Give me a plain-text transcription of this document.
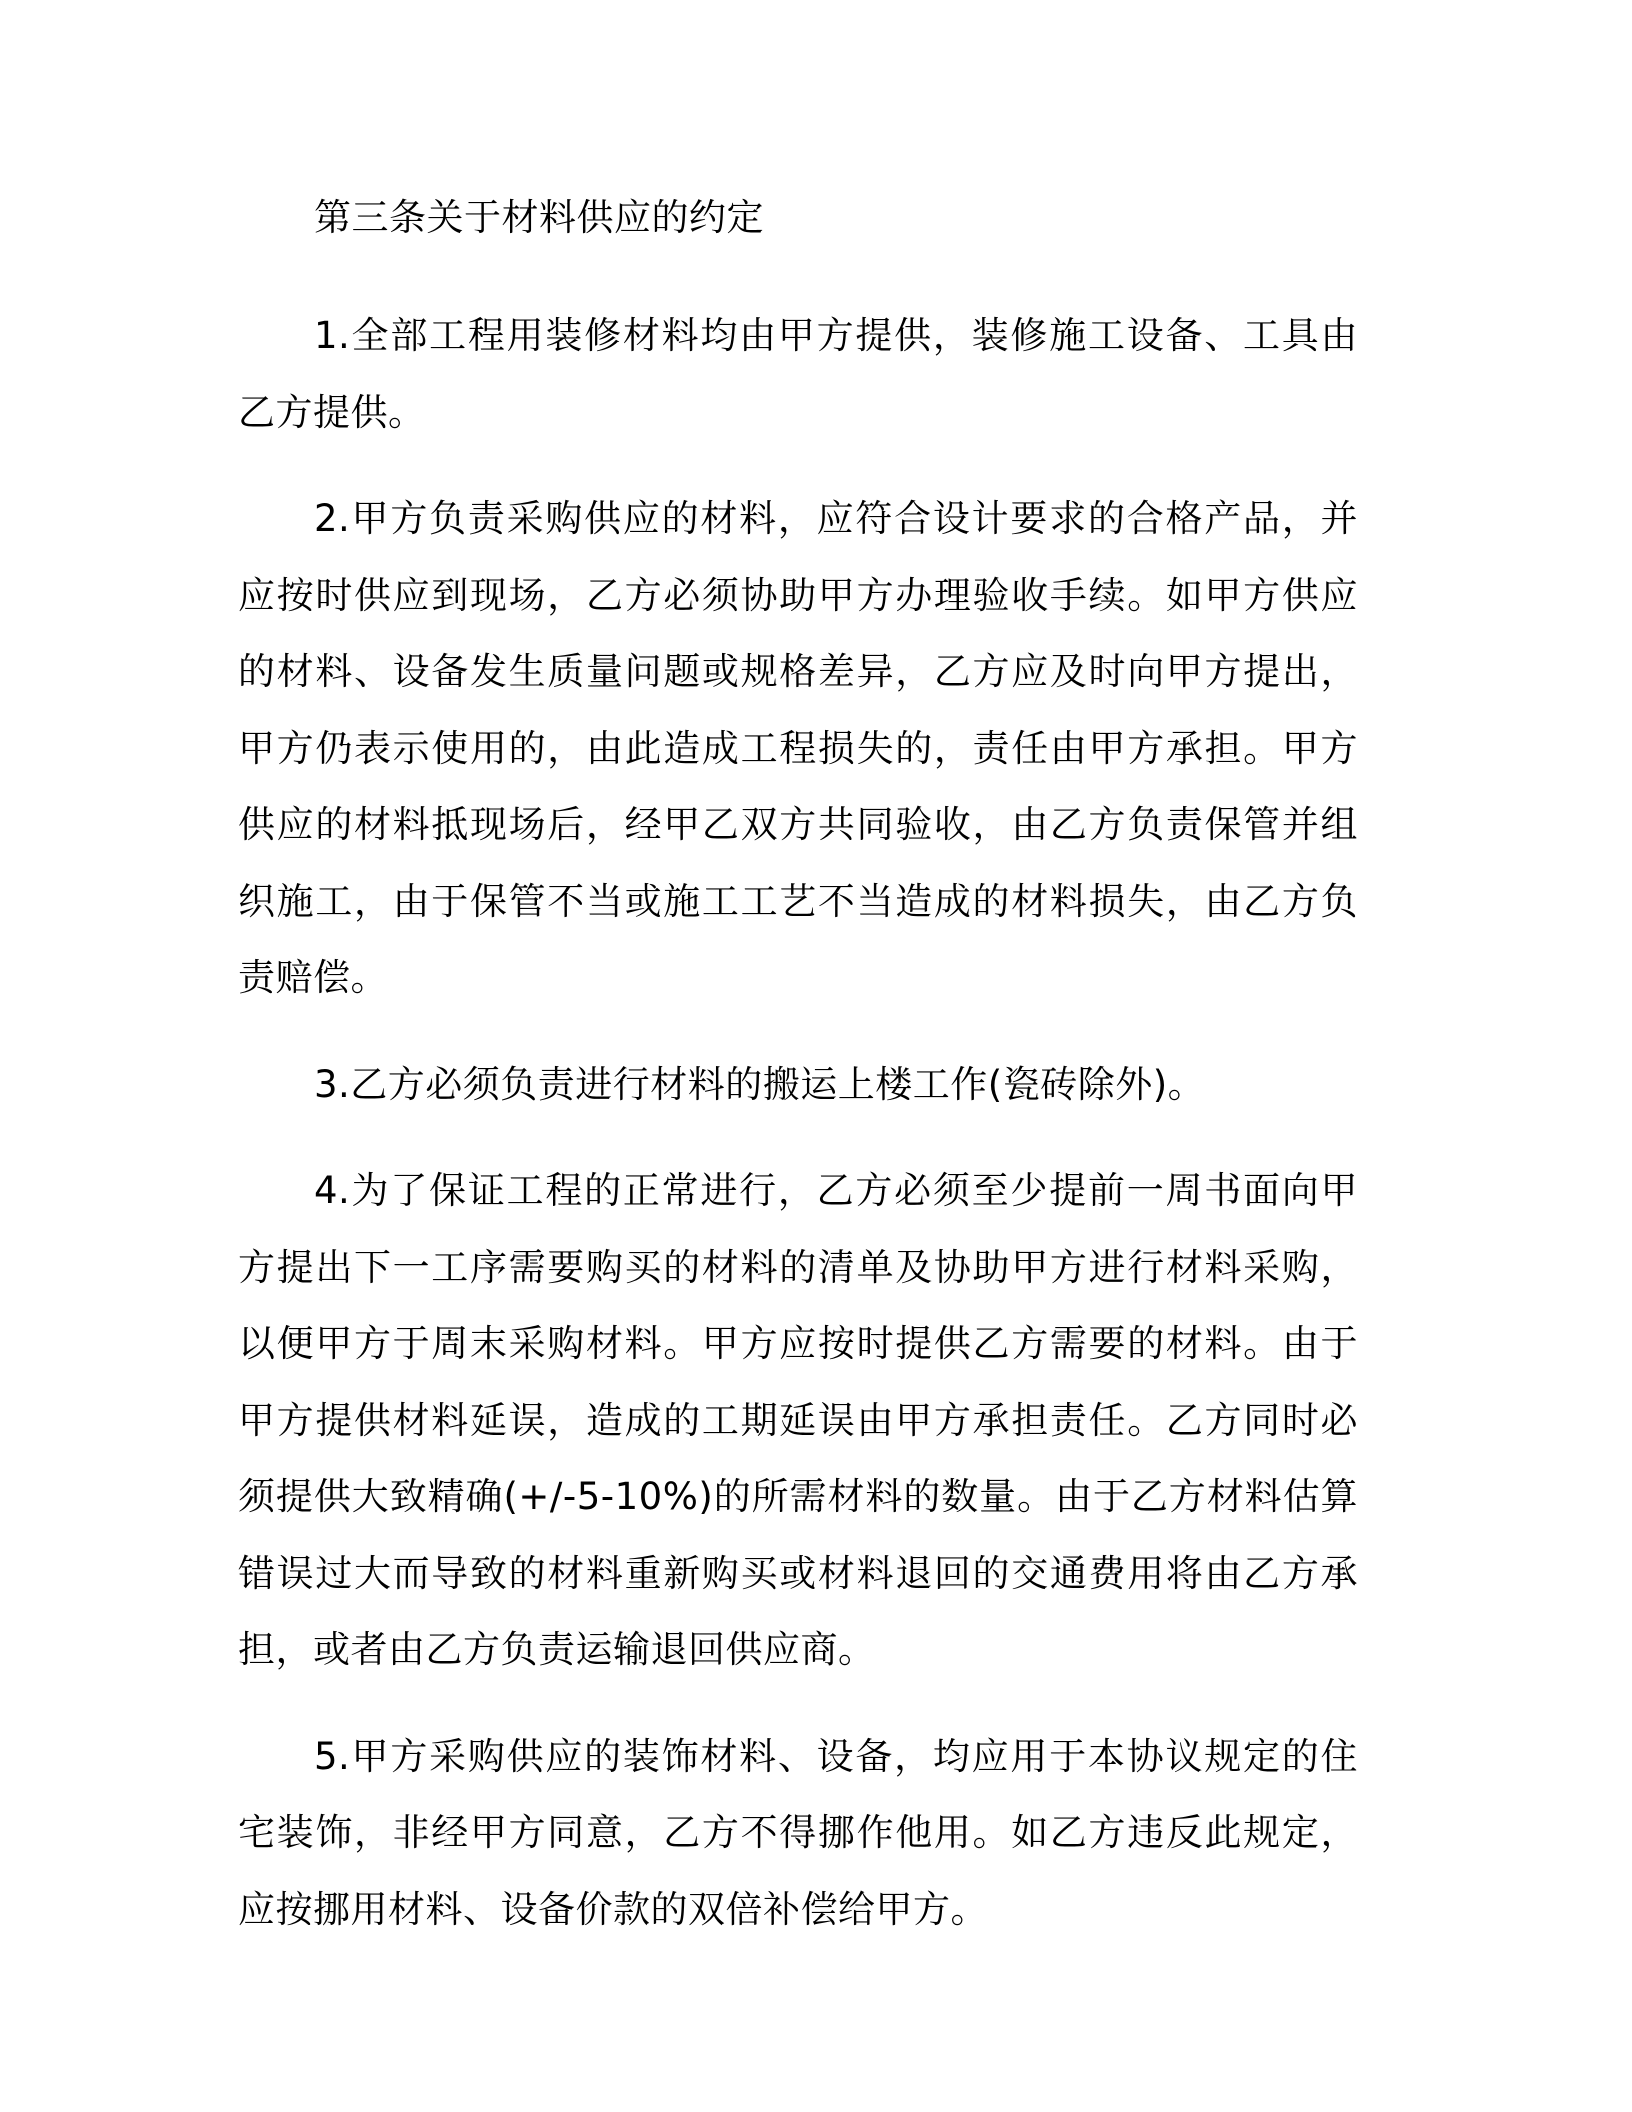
第三条关于材料供应的约定

1.全部工程用装修材料均由甲方提供，装修施工设备、工具由乙方提供。

2.甲方负责采购供应的材料，应符合设计要求的合格产品，并应按时供应到现场，乙方必须协助甲方办理验收手续。如甲方供应的材料、设备发生质量问题或规格差异，乙方应及时向甲方提出，甲方仍表示使用的，由此造成工程损失的，责任由甲方承担。甲方供应的材料抵现场后，经甲乙双方共同验收，由乙方负责保管并组织施工，由于保管不当或施工工艺不当造成的材料损失，由乙方负责赔偿。

3.乙方必须负责进行材料的搬运上楼工作(瓷砖除外)。

4.为了保证工程的正常进行，乙方必须至少提前一周书面向甲方提出下一工序需要购买的材料的清单及协助甲方进行材料采购，以便甲方于周末采购材料。甲方应按时提供乙方需要的材料。由于甲方提供材料延误，造成的工期延误由甲方承担责任。乙方同时必须提供大致精确(+/-5-10%)的所需材料的数量。由于乙方材料估算错误过大而导致的材料重新购买或材料退回的交通费用将由乙方承担，或者由乙方负责运输退回供应商。

5.甲方采购供应的装饰材料、设备，均应用于本协议规定的住宅装饰，非经甲方同意，乙方不得挪作他用。如乙方违反此规定，应按挪用材料、设备价款的双倍补偿给甲方。
